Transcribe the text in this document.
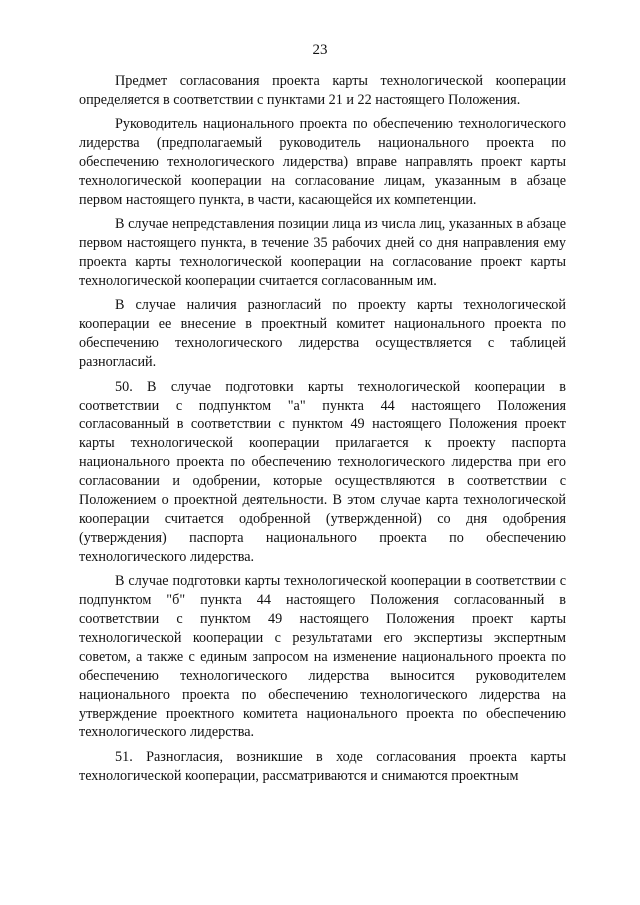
23

Предмет согласования проекта карты технологической кооперации определяется в соответствии с пунктами 21 и 22 настоящего Положения.

Руководитель национального проекта по обеспечению технологического лидерства (предполагаемый руководитель национального проекта по обеспечению технологического лидерства) вправе направлять проект карты технологической кооперации на согласование лицам, указанным в абзаце первом настоящего пункта, в части, касающейся их компетенции.

В случае непредставления позиции лица из числа лиц, указанных в абзаце первом настоящего пункта, в течение 35 рабочих дней со дня направления ему проекта карты технологической кооперации на согласование проект карты технологической кооперации считается согласованным им.

В случае наличия разногласий по проекту карты технологической кооперации ее внесение в проектный комитет национального проекта по обеспечению технологического лидерства осуществляется с таблицей разногласий.

50. В случае подготовки карты технологической кооперации в соответствии с подпунктом "а" пункта 44 настоящего Положения согласованный в соответствии с пунктом 49 настоящего Положения проект карты технологической кооперации прилагается к проекту паспорта национального проекта по обеспечению технологического лидерства при его согласовании и одобрении, которые осуществляются в соответствии с Положением о проектной деятельности. В этом случае карта технологической кооперации считается одобренной (утвержденной) со дня одобрения (утверждения) паспорта национального проекта по обеспечению технологического лидерства.

В случае подготовки карты технологической кооперации в соответствии с подпунктом "б" пункта 44 настоящего Положения согласованный в соответствии с пунктом 49 настоящего Положения проект карты технологической кооперации с результатами его экспертизы экспертным советом, а также с единым запросом на изменение национального проекта по обеспечению технологического лидерства выносится руководителем национального проекта по обеспечению технологического лидерства на утверждение проектного комитета национального проекта по обеспечению технологического лидерства.

51. Разногласия, возникшие в ходе согласования проекта карты технологической кооперации, рассматриваются и снимаются проектным
